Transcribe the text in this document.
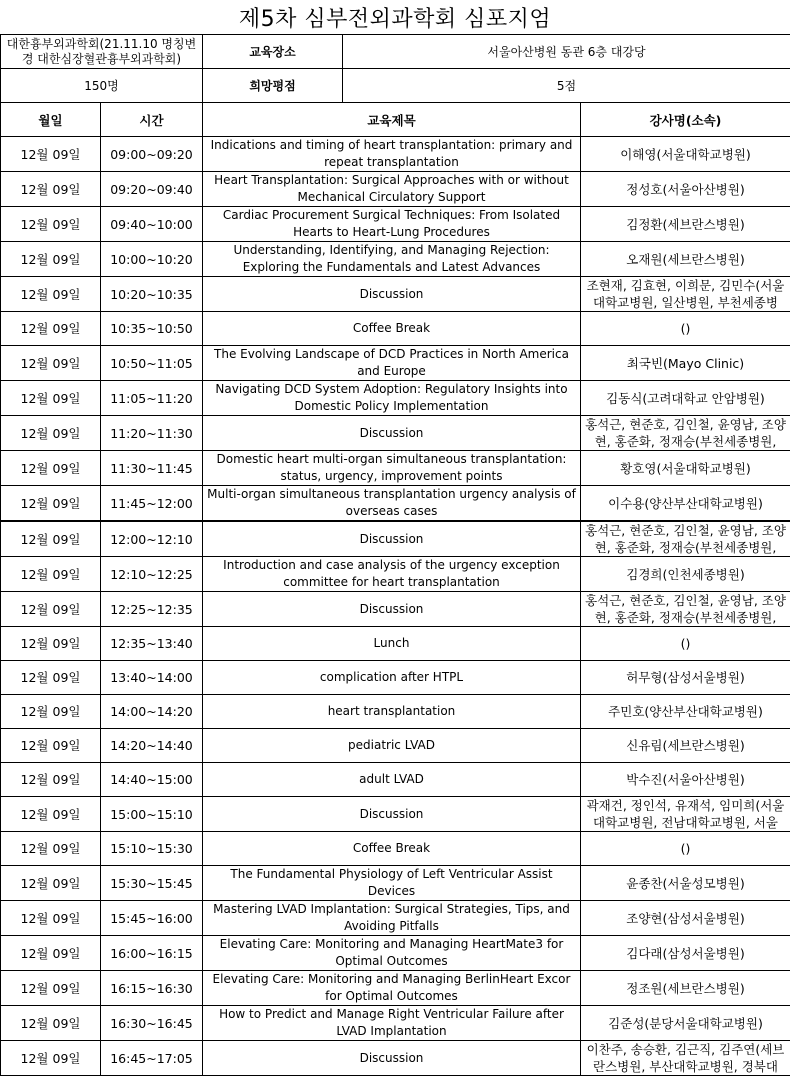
제5차 심부전외과학회 심포지엄
대한흉부외과학회(21.11.10 명칭변경 대한심장혈관흉부외과학회)	교육장소	서울아산병원 동관 6층 대강당
150명	희망평점	5점
월일	시간	교육제목	강사명(소속)
12월 09일	09:00~09:20	Indications and timing of heart transplantation: primary and repeat transplantation	이해영(서울대학교병원)
12월 09일	09:20~09:40	Heart Transplantation: Surgical Approaches with or without Mechanical Circulatory Support	정성호(서울아산병원)
12월 09일	09:40~10:00	Cardiac Procurement Surgical Techniques: From Isolated Hearts to Heart-Lung Procedures	김정환(세브란스병원)
12월 09일	10:00~10:20	Understanding, Identifying, and Managing Rejection: Exploring the Fundamentals and Latest Advances	오재원(세브란스병원)
12월 09일	10:20~10:35	Discussion	조현재, 김효현, 이희문, 김민수(서울대학교병원, 일산병원, 부천세종병
12월 09일	10:35~10:50	Coffee Break	()
12월 09일	10:50~11:05	The Evolving Landscape of DCD Practices in North America and Europe	최국빈(Mayo Clinic)
12월 09일	11:05~11:20	Navigating DCD System Adoption: Regulatory Insights into Domestic Policy Implementation	김동식(고려대학교 안암병원)
12월 09일	11:20~11:30	Discussion	홍석근, 현준호, 김인철, 윤영남, 조양현, 홍준화, 정재승(부천세종병원,
12월 09일	11:30~11:45	Domestic heart multi-organ simultaneous transplantation: status, urgency, improvement points	황호영(서울대학교병원)
12월 09일	11:45~12:00	Multi-organ simultaneous transplantation urgency analysis of overseas cases	이수용(양산부산대학교병원)
12월 09일	12:00~12:10	Discussion	홍석근, 현준호, 김인철, 윤영남, 조양현, 홍준화, 정재승(부천세종병원,
12월 09일	12:10~12:25	Introduction and case analysis of the urgency exception committee for heart transplantation	김경희(인천세종병원)
12월 09일	12:25~12:35	Discussion	홍석근, 현준호, 김인철, 윤영남, 조양현, 홍준화, 정재승(부천세종병원,
12월 09일	12:35~13:40	Lunch	()
12월 09일	13:40~14:00	complication after HTPL	허무형(삼성서울병원)
12월 09일	14:00~14:20	heart transplantation	주민호(양산부산대학교병원)
12월 09일	14:20~14:40	pediatric LVAD	신유림(세브란스병원)
12월 09일	14:40~15:00	adult LVAD	박수진(서울아산병원)
12월 09일	15:00~15:10	Discussion	곽재건, 정인석, 유재석, 임미희(서울대학교병원, 전남대학교병원, 서울
12월 09일	15:10~15:30	Coffee Break	()
12월 09일	15:30~15:45	The Fundamental Physiology of Left Ventricular Assist Devices	윤종찬(서울성모병원)
12월 09일	15:45~16:00	Mastering LVAD Implantation: Surgical Strategies, Tips, and Avoiding Pitfalls	조양현(삼성서울병원)
12월 09일	16:00~16:15	Elevating Care: Monitoring and Managing HeartMate3 for Optimal Outcomes	김다래(삼성서울병원)
12월 09일	16:15~16:30	Elevating Care: Monitoring and Managing BerlinHeart Excor for Optimal Outcomes	정조원(세브란스병원)
12월 09일	16:30~16:45	How to Predict and Manage Right Ventricular Failure after LVAD Implantation	김준성(분당서울대학교병원)
12월 09일	16:45~17:05	Discussion	이찬주, 송승환, 김근직, 김주연(세브란스병원, 부산대학교병원, 경북대
